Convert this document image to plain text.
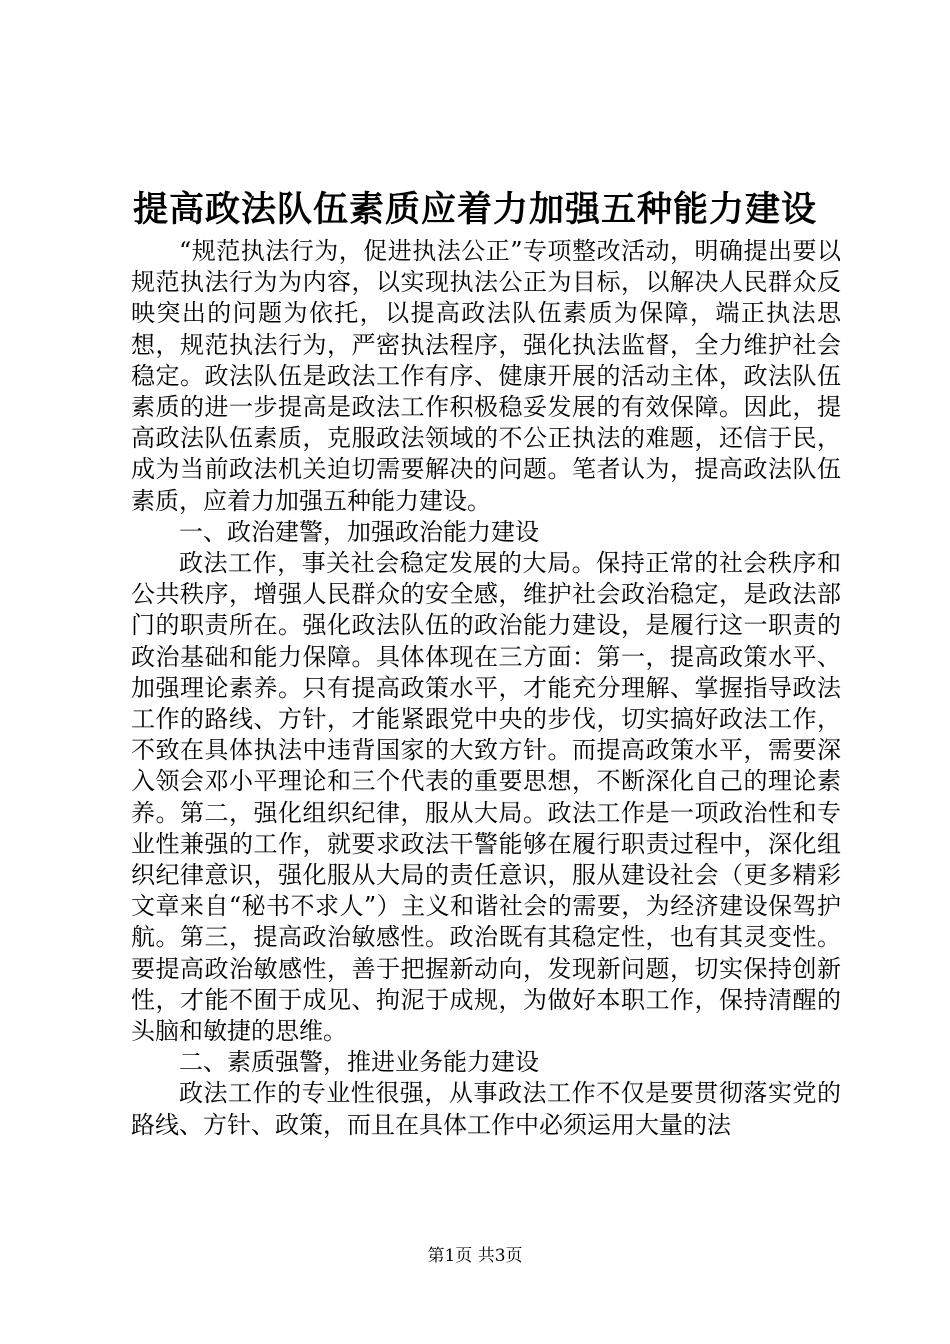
提高政法队伍素质应着力加强五种能力建设

“规范执法行为，促进执法公正”专项整改活动，明确提出要以规范执法行为为内容，以实现执法公正为目标，以解决人民群众反映突出的问题为依托，以提高政法队伍素质为保障，端正执法思想，规范执法行为，严密执法程序，强化执法监督，全力维护社会稳定。政法队伍是政法工作有序、健康开展的活动主体，政法队伍素质的进一步提高是政法工作积极稳妥发展的有效保障。因此，提高政法队伍素质，克服政法领域的不公正执法的难题，还信于民，成为当前政法机关迫切需要解决的问题。笔者认为，提高政法队伍素质，应着力加强五种能力建设。

一、政治建警，加强政治能力建设

政法工作，事关社会稳定发展的大局。保持正常的社会秩序和公共秩序，增强人民群众的安全感，维护社会政治稳定，是政法部门的职责所在。强化政法队伍的政治能力建设，是履行这一职责的政治基础和能力保障。具体体现在三方面：第一，提高政策水平、加强理论素养。只有提高政策水平，才能充分理解、掌握指导政法工作的路线、方针，才能紧跟党中央的步伐，切实搞好政法工作，不致在具体执法中违背国家的大致方针。而提高政策水平，需要深入领会邓小平理论和三个代表的重要思想，不断深化自己的理论素养。第二，强化组织纪律，服从大局。政法工作是一项政治性和专业性兼强的工作，就要求政法干警能够在履行职责过程中，深化组织纪律意识，强化服从大局的责任意识，服从建设社会（更多精彩文章来自“秘书不求人”）主义和谐社会的需要，为经济建设保驾护航。第三，提高政治敏感性。政治既有其稳定性，也有其灵变性。要提高政治敏感性，善于把握新动向，发现新问题，切实保持创新性，才能不囿于成见、拘泥于成规，为做好本职工作，保持清醒的头脑和敏捷的思维。

二、素质强警，推进业务能力建设

政法工作的专业性很强，从事政法工作不仅是要贯彻落实党的路线、方针、政策，而且在具体工作中必须运用大量的法

第1页 共3页
